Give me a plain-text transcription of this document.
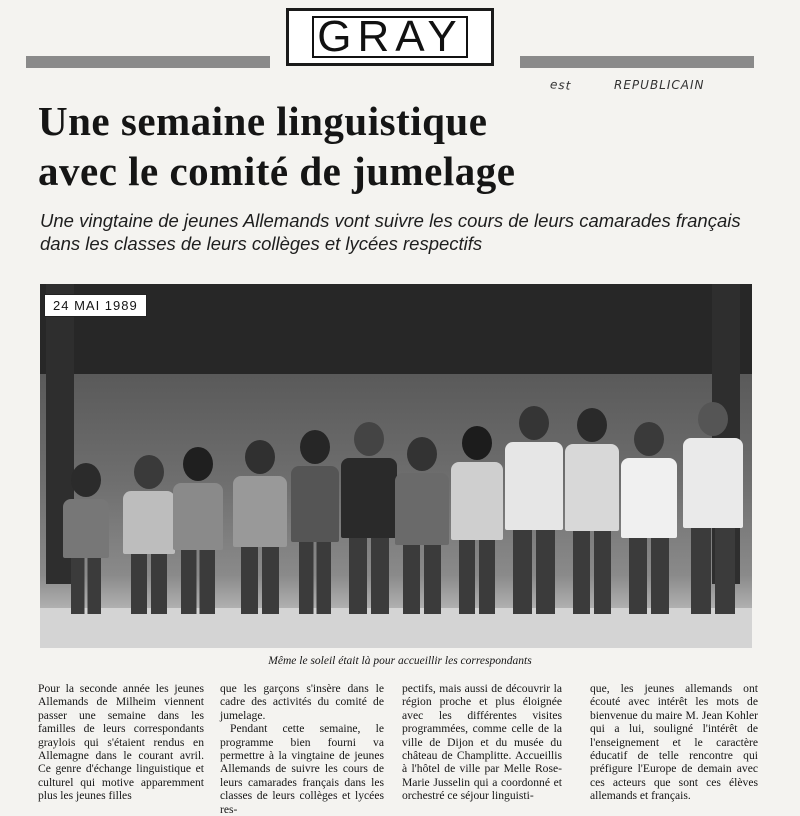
GRAY
est	REPUBLICAIN
Une semaine linguistique
avec le comité de jumelage
Une vingtaine de jeunes Allemands vont suivre les cours de leurs camarades français dans les classes de leurs collèges et lycées respectifs
24 MAI 1989
Même le soleil était là pour accueillir les correspondants

Pour la seconde année les jeunes Allemands de Milheim viennent passer une semaine dans les familles de leurs correspondants graylois qui s'étaient rendus en Allemagne dans le courant avril. Ce genre d'échange linguistique et culturel qui motive apparemment plus les jeunes filles

que les garçons s'insère dans le cadre des activités du comité de jumelage.

Pendant cette semaine, le programme bien fourni va permettre à la vingtaine de jeunes Allemands de suivre les cours de leurs camarades français dans les classes de leurs collèges et lycées res-

pectifs, mais aussi de découvrir la région proche et plus éloignée avec les différentes visites programmées, comme celle de la ville de Dijon et du musée du château de Champlitte. Accueillis à l'hôtel de ville par Melle Rose-Marie Jusselin qui a coordonné et orchestré ce séjour linguisti-

que, les jeunes allemands ont écouté avec intérêt les mots de bienvenue du maire M. Jean Kohler qui a lui, souligné l'intérêt de l'enseignement et le caractère éducatif de telle rencontre qui préfigure l'Europe de demain avec ces acteurs que sont ces élèves allemands et français.
